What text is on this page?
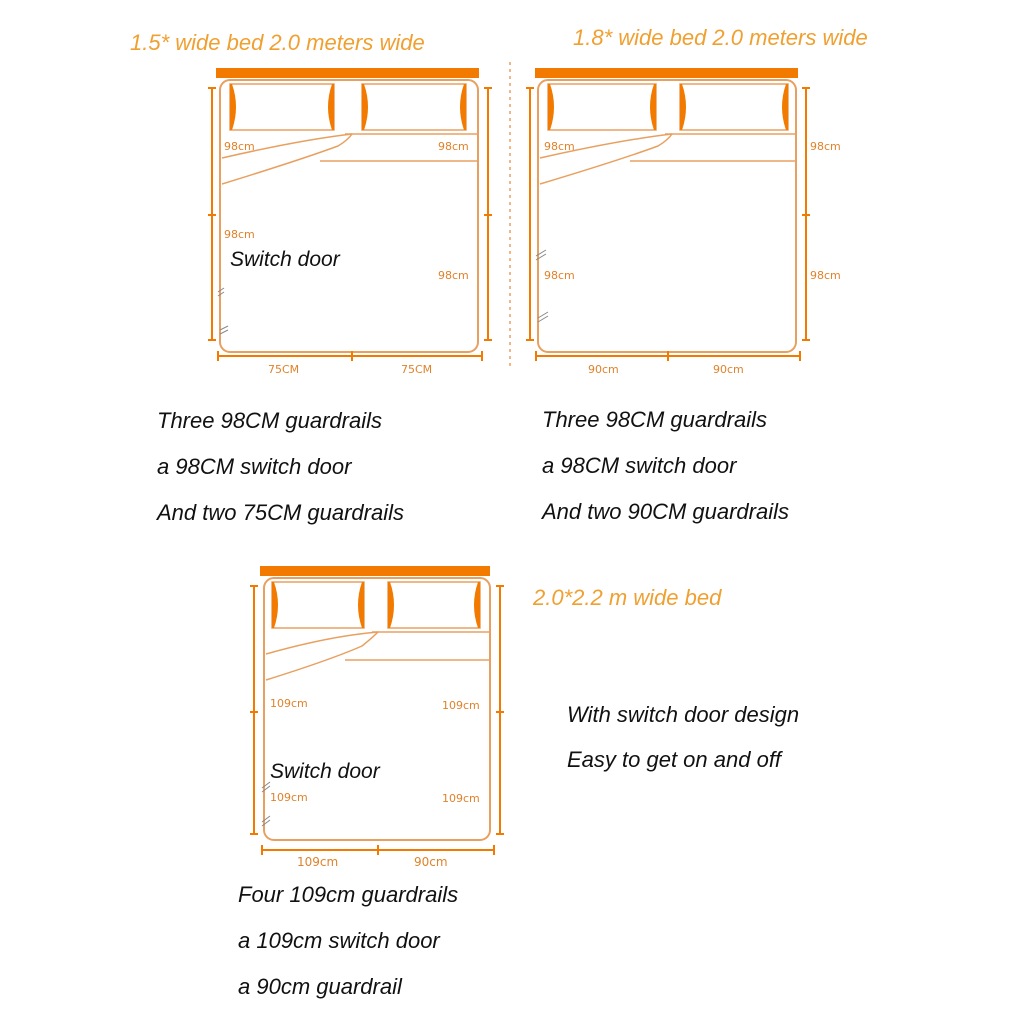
1.5* wide bed 2.0 meters wide
98cm
98cm
98cm
98cm
75CM	75CM
Switch door
Three 98CM guardrails
a 98CM switch door
And two 75CM guardrails
1.8* wide bed 2.0 meters wide
98cm
98cm
98cm
98cm
90cm	90cm
Three 98CM guardrails
a 98CM switch door
And two 90CM guardrails
2.0*2.2 m wide bed
109cm
109cm
109cm
109cm
109cm	90cm
Switch door
Four 109cm guardrails
a 109cm switch door
a 90cm guardrail
With switch door design
Easy to get on and off
